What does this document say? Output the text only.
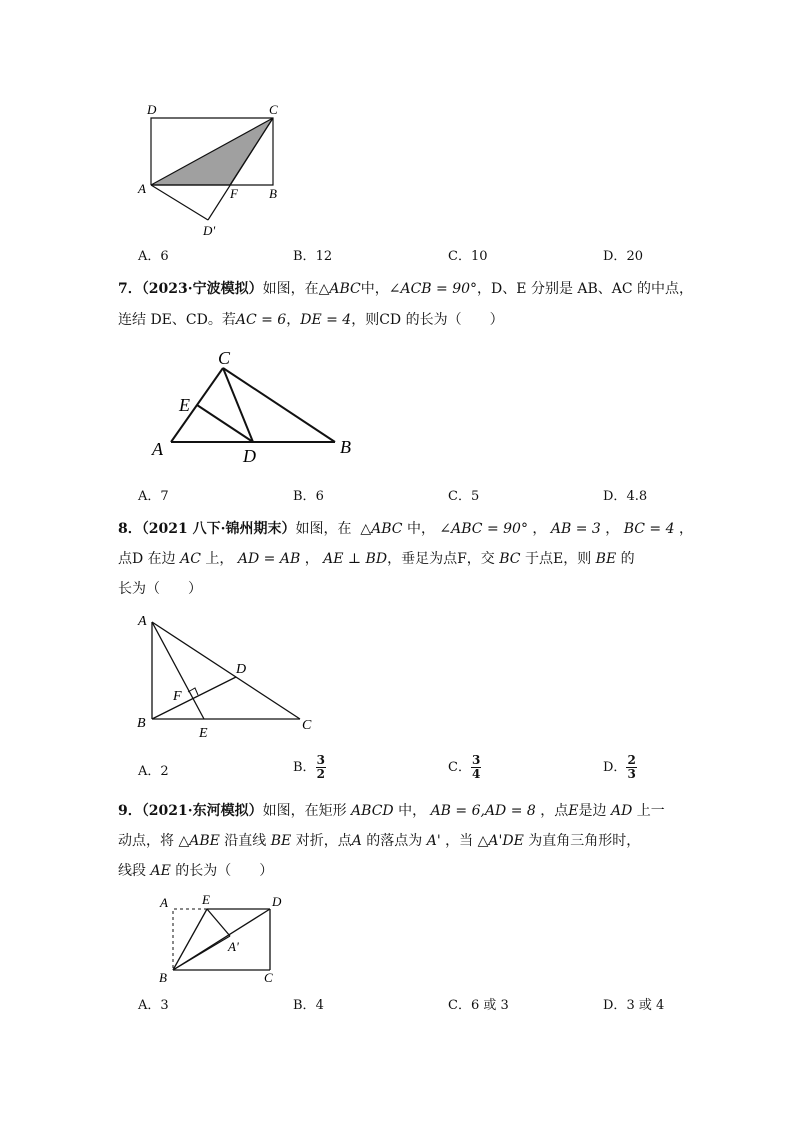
D	C
A	F B
D'
A．6	B．12	C．10	D．20
7．（2023·宁波模拟）如图，在△ABC中，∠ACB = 90°，D、E 分别是 AB、AC 的中点，
连结 DE、CD。若AC = 6，DE = 4，则CD 的长为（　　）
C
E
A	D	B
A．7	B．6	C．5	D．4.8
8．（2021 八下·锦州期末）如图，在 △ABC 中， ∠ABC = 90° ， AB = 3 ， BC = 4 ，
点D 在边 AC 上， AD = AB ， AE ⊥ BD，垂足为点F，交 BC 于点E，则 BE 的
长为（　　）
A
D
F
B
E
C
A．2	B． $\frac{3}{2}$	C． $\frac{3}{4}$	D． $\frac{2}{3}$
9．（2021·东河模拟）如图，在矩形 ABCD 中， AB = 6,AD = 8 ，点E是边 AD 上一
动点，将 △ABE 沿直线 BE 对折，点A 的落点为 A' ，当 △A'DE 为直角三角形时，
线段 AE 的长为（　　）
A	E	D
A'
B	C
A．3	B．4	C．6 或 3	D．3 或 4
